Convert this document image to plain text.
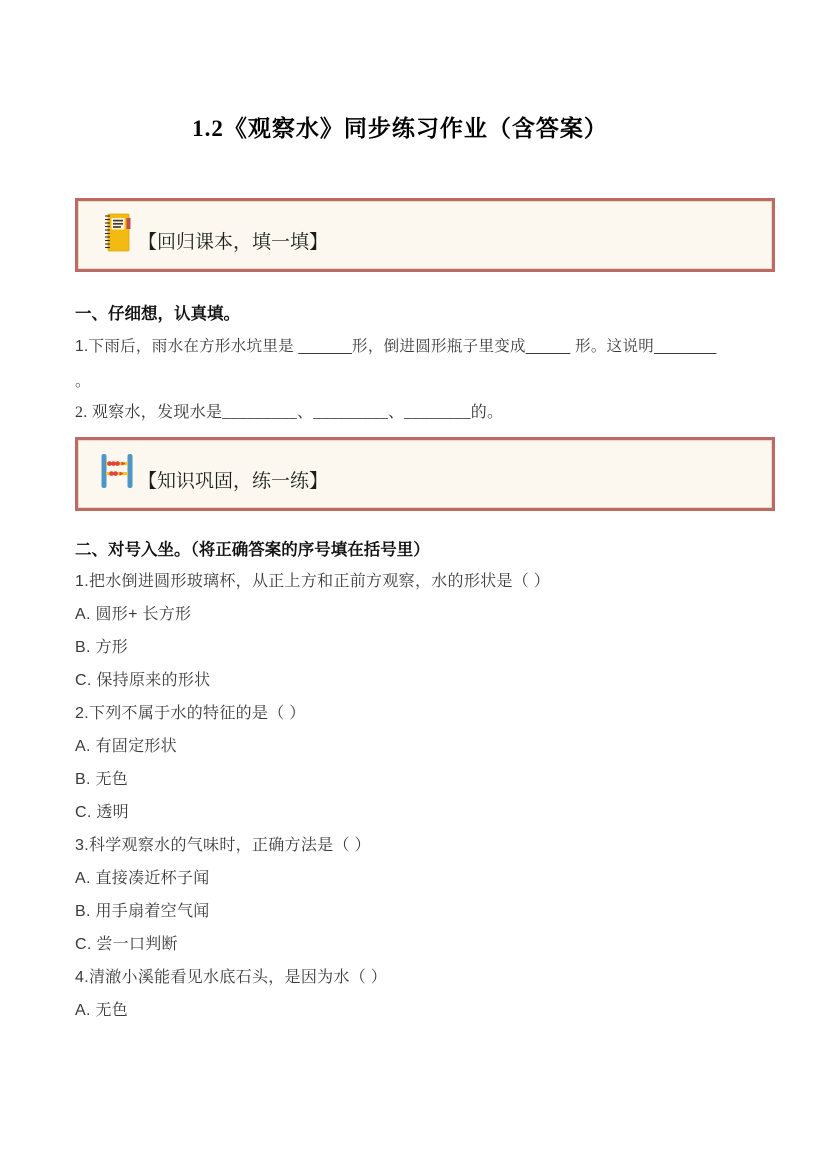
1.2《观察水》同步练习作业（含答案）
【回归课本，填一填】
一、仔细想，认真填。
1.下雨后，雨水在方形水坑里是 ______形，倒进圆形瓶子里变成_____ 形。这说明_______
。
2. 观察水，发现水是_________、_________、________的。
【知识巩固，练一练】
二、对号入坐。（将正确答案的序号填在括号里）
1.把水倒进圆形玻璃杯，从正上方和正前方观察，水的形状是（ ）
A. 圆形+ 长方形
B. 方形
C. 保持原来的形状
2.下列不属于水的特征的是（ ）
A. 有固定形状
B. 无色
C. 透明
3.科学观察水的气味时，正确方法是（ ）
A. 直接凑近杯子闻
B. 用手扇着空气闻
C. 尝一口判断
4.清澈小溪能看见水底石头，是因为水（ ）
A. 无色
